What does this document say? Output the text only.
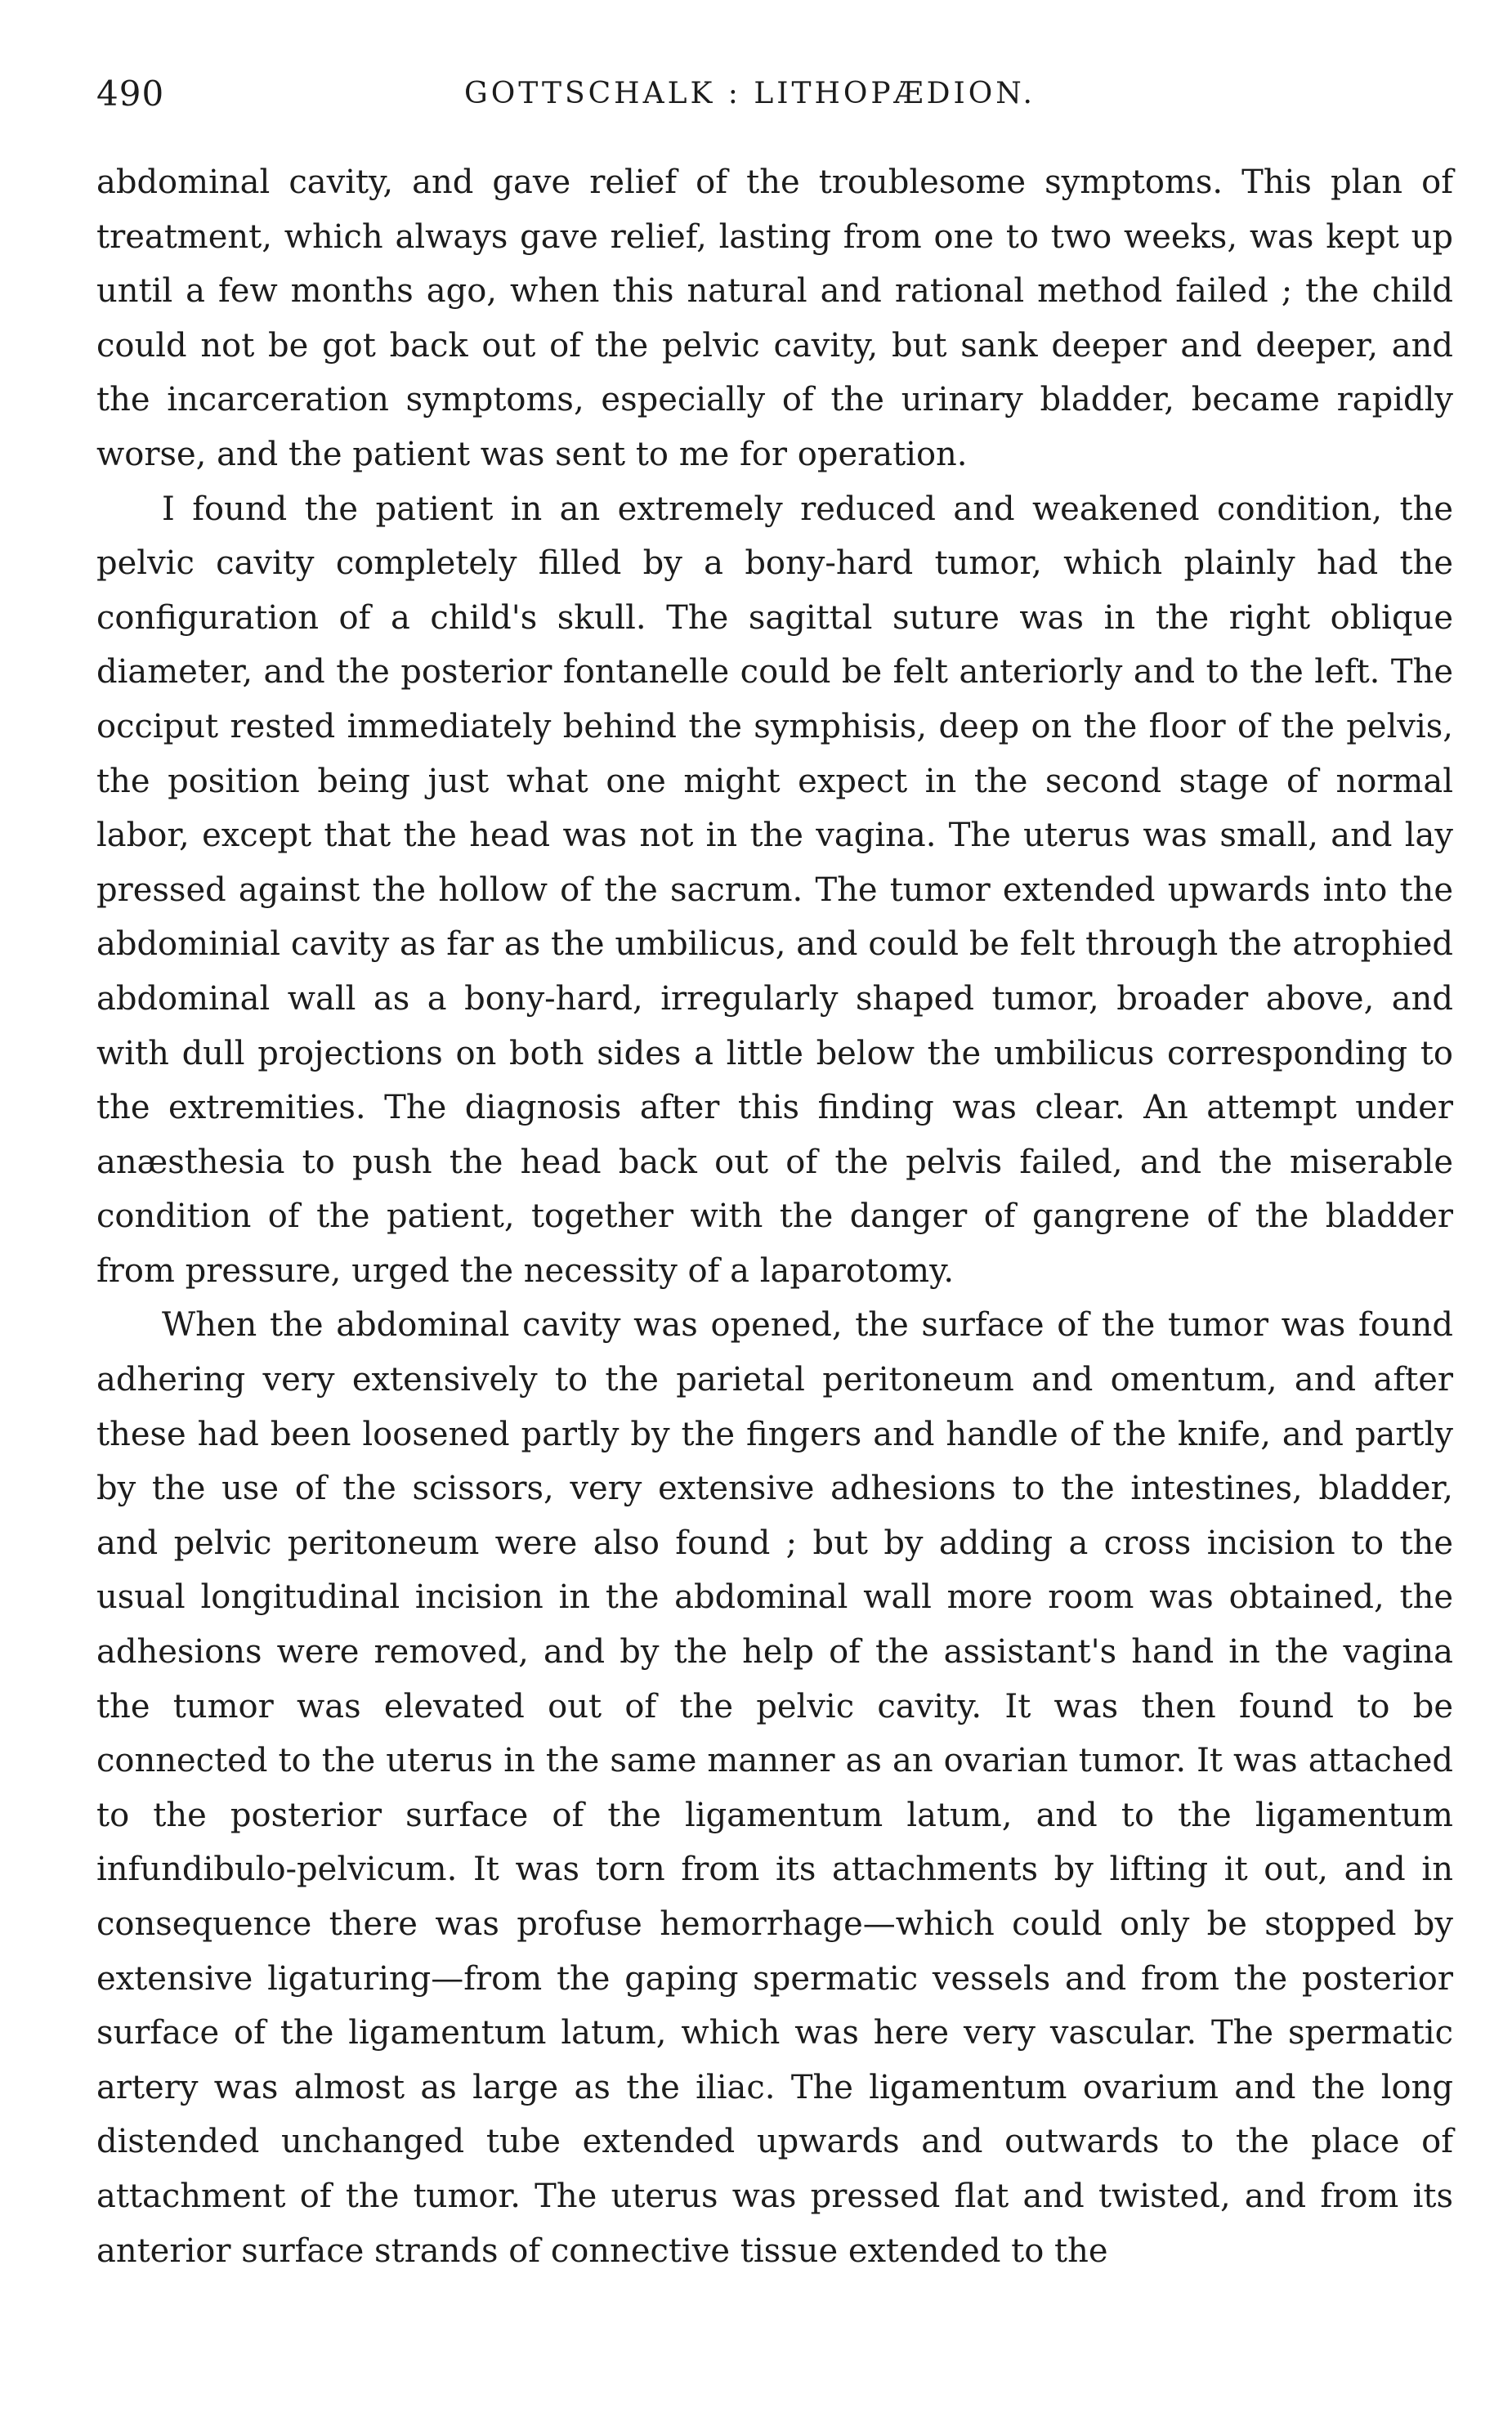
490	GOTTSCHALK : LITHOPÆDION.

abdominal cavity, and gave relief of the troublesome symptoms. This plan of treatment, which always gave relief, lasting from one to two weeks, was kept up until a few months ago, when this natural and rational method failed ; the child could not be got back out of the pelvic cavity, but sank deeper and deeper, and the incarceration symptoms, especially of the urinary bladder, became rapidly worse, and the patient was sent to me for operation.

I found the patient in an extremely reduced and weakened condition, the pelvic cavity completely filled by a bony-hard tumor, which plainly had the configuration of a child's skull. The sagittal suture was in the right oblique diameter, and the posterior fontanelle could be felt anteriorly and to the left. The occiput rested immediately behind the symphisis, deep on the floor of the pelvis, the position being just what one might expect in the second stage of normal labor, except that the head was not in the vagina. The uterus was small, and lay pressed against the hollow of the sacrum. The tumor extended upwards into the abdominial cavity as far as the umbilicus, and could be felt through the atrophied abdominal wall as a bony-hard, irregularly shaped tumor, broader above, and with dull projections on both sides a little below the umbilicus corresponding to the extremities. The diagnosis after this finding was clear. An attempt under anæsthesia to push the head back out of the pelvis failed, and the miserable condition of the patient, together with the danger of gangrene of the bladder from pressure, urged the necessity of a laparotomy.

When the abdominal cavity was opened, the surface of the tumor was found adhering very extensively to the parietal peritoneum and omentum, and after these had been loosened partly by the fingers and handle of the knife, and partly by the use of the scissors, very extensive adhesions to the intestines, bladder, and pelvic peritoneum were also found ; but by adding a cross incision to the usual longitudinal incision in the abdominal wall more room was obtained, the adhesions were removed, and by the help of the assistant's hand in the vagina the tumor was elevated out of the pelvic cavity. It was then found to be connected to the uterus in the same manner as an ovarian tumor. It was attached to the posterior surface of the ligamentum latum, and to the ligamentum infundibulo-pelvicum. It was torn from its attachments by lifting it out, and in consequence there was profuse hemorrhage—which could only be stopped by extensive ligaturing—from the gaping spermatic vessels and from the posterior surface of the ligamentum latum, which was here very vascular. The spermatic artery was almost as large as the iliac. The ligamentum ovarium and the long distended unchanged tube extended upwards and outwards to the place of attachment of the tumor. The uterus was pressed flat and twisted, and from its anterior surface strands of connective tissue extended to the
